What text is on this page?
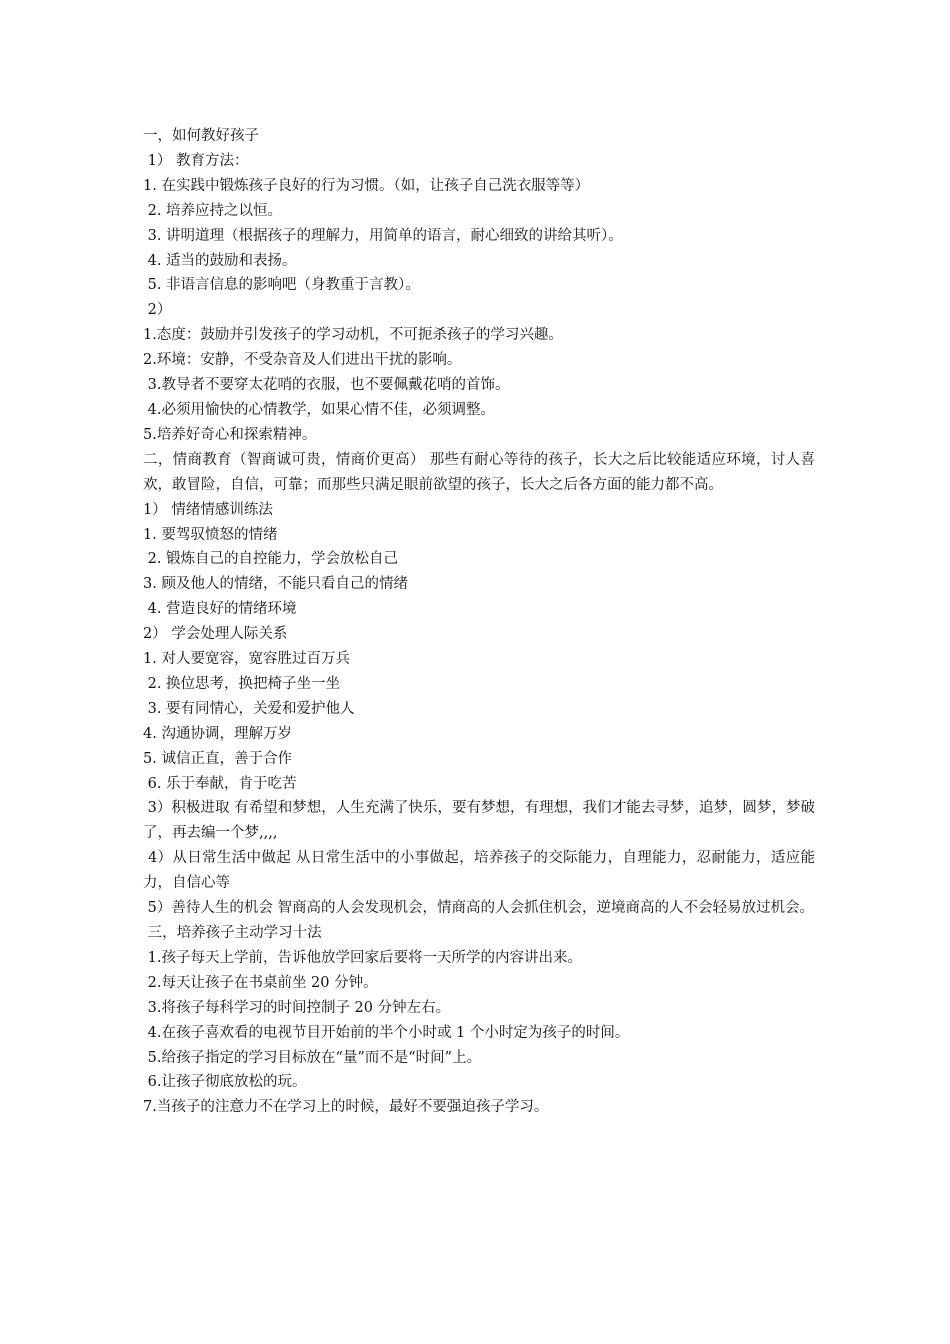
一，如何教好孩子
1） 教育方法：
1. 在实践中锻炼孩子良好的行为习惯。（如，让孩子自己洗衣服等等）
2. 培养应持之以恒。
3. 讲明道理（根据孩子的理解力，用简单的语言，耐心细致的讲给其听）。
4. 适当的鼓励和表扬。
5. 非语言信息的影响吧（身教重于言教）。
2）
1.态度：鼓励并引发孩子的学习动机，不可扼杀孩子的学习兴趣。
2.环境：安静，不受杂音及人们进出干扰的影响。
3.教导者不要穿太花哨的衣服，也不要佩戴花哨的首饰。
4.必须用愉快的心情教学，如果心情不佳，必须调整。
5.培养好奇心和探索精神。
二，情商教育（智商诚可贵，情商价更高） 那些有耐心等待的孩子，长大之后比较能适应环境，讨人喜欢，敢冒险，自信，可靠；而那些只满足眼前欲望的孩子，长大之后各方面的能力都不高。
1） 情绪情感训练法
1. 要驾驭愤怒的情绪
2. 锻炼自己的自控能力，学会放松自己
3. 顾及他人的情绪，不能只看自己的情绪
4. 营造良好的情绪环境
2） 学会处理人际关系
1. 对人要宽容，宽容胜过百万兵
2. 换位思考，换把椅子坐一坐
3. 要有同情心，关爱和爱护他人
4. 沟通协调，理解万岁
5. 诚信正直，善于合作
6. 乐于奉献，肯于吃苦
3）积极进取 有希望和梦想，人生充满了快乐，要有梦想，有理想，我们才能去寻梦，追梦，圆梦，梦破了，再去编一个梦,,,,
4）从日常生活中做起 从日常生活中的小事做起，培养孩子的交际能力，自理能力，忍耐能力，适应能力，自信心等
5）善待人生的机会 智商高的人会发现机会，情商高的人会抓住机会，逆境商高的人不会轻易放过机会。
三，培养孩子主动学习十法
1.孩子每天上学前，告诉他放学回家后要将一天所学的内容讲出来。
2.每天让孩子在书桌前坐 20 分钟。
3.将孩子每科学习的时间控制子 20 分钟左右。
4.在孩子喜欢看的电视节目开始前的半个小时或 1 个小时定为孩子的时间。
5.给孩子指定的学习目标放在“量”而不是“时间”上。
6.让孩子彻底放松的玩。
7.当孩子的注意力不在学习上的时候，最好不要强迫孩子学习。
